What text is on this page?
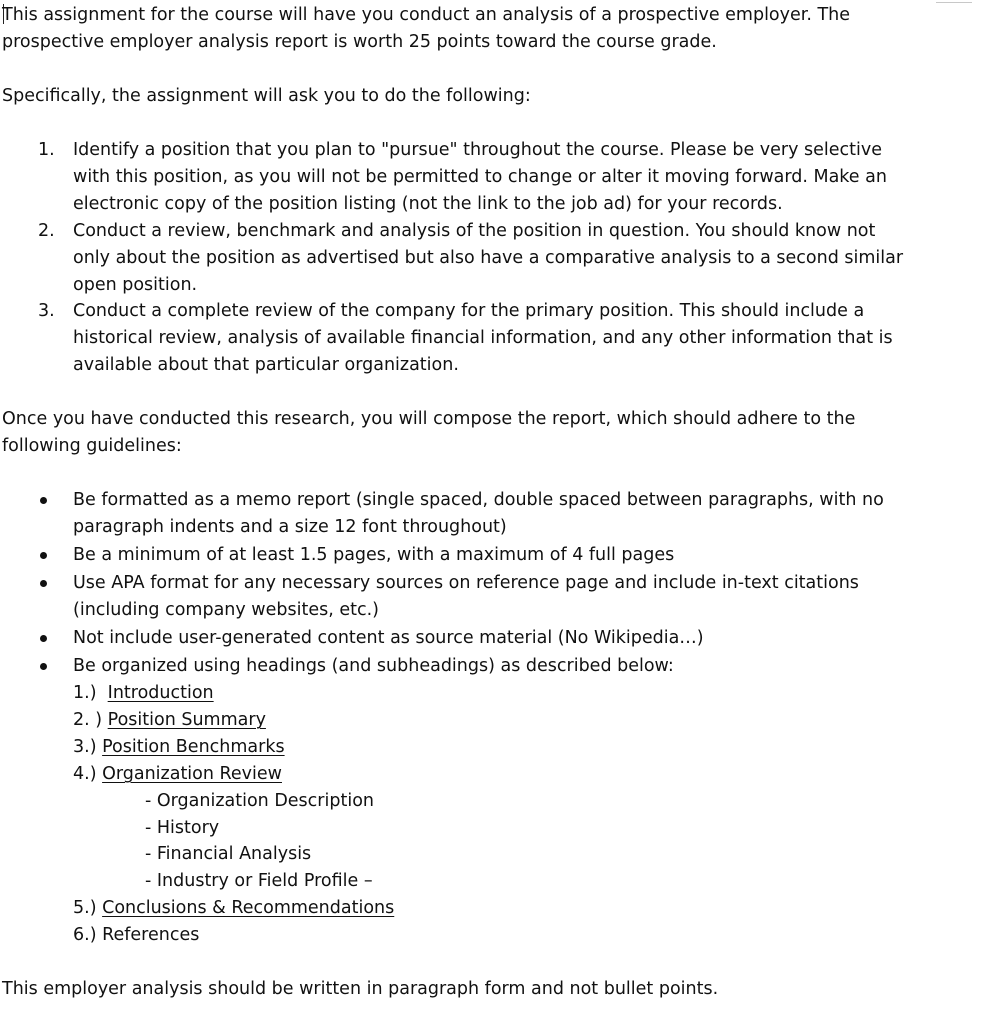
This assignment for the course will have you conduct an analysis of a prospective employer. The
prospective employer analysis report is worth 25 points toward the course grade.
Specifically, the assignment will ask you to do the following:
1. Identify a position that you plan to "pursue" throughout the course. Please be very selective
with this position, as you will not be permitted to change or alter it moving forward. Make an
electronic copy of the position listing (not the link to the job ad) for your records.
2. Conduct a review, benchmark and analysis of the position in question. You should know not
only about the position as advertised but also have a comparative analysis to a second similar
open position.
3. Conduct a complete review of the company for the primary position. This should include a
historical review, analysis of available financial information, and any other information that is
available about that particular organization.
Once you have conducted this research, you will compose the report, which should adhere to the
following guidelines:
Be formatted as a memo report (single spaced, double spaced between paragraphs, with no
paragraph indents and a size 12 font throughout)
Be a minimum of at least 1.5 pages, with a maximum of 4 full pages
Use APA format for any necessary sources on reference page and include in-text citations
(including company websites, etc.)
Not include user-generated content as source material (No Wikipedia…)
Be organized using headings (and subheadings) as described below:
1.)  Introduction
2. ) Position Summary
3.) Position Benchmarks
4.) Organization Review
- Organization Description
- History
- Financial Analysis
- Industry or Field Profile –
5.) Conclusions & Recommendations
6.) References
This employer analysis should be written in paragraph form and not bullet points.
